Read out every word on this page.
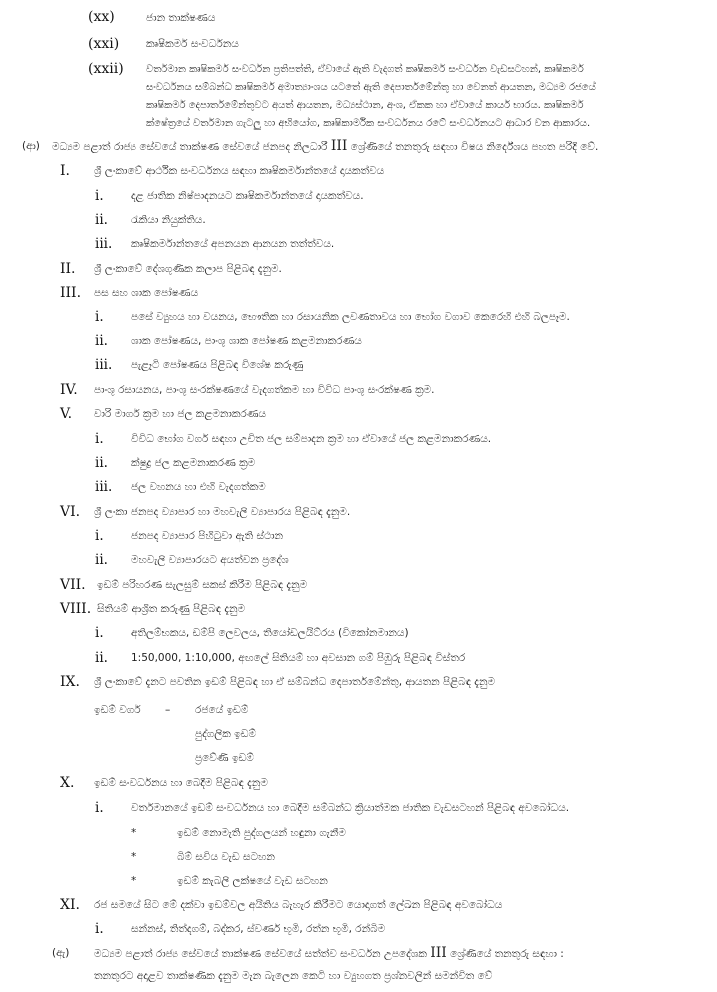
(xx)	ජාන තාක්ෂණය
(xxi)	කෘෂිකර්ම සංවර්ධනය
(xxii) වර්තමාන කෘෂිකර්ම සංවර්ධන ප්‍රතිපත්ති, ඒවායේ ඇති වැදගත් කෘෂිකර්ම සංවර්ධන වැඩසටහන්, කෘෂිකර්ම
සංවර්ධනය සම්බන්ධ කෘෂිකර්ම අමාත්‍යාංශය යටතේ ඇති දෙපාර්තමේන්තු හා වෙනත් ආයතන, මධ්‍යම රජයේ
කෘෂිකර්ම දෙපාර්තමේන්තුවට අයත් ආයතන, මධ්‍යස්ථාන, අංශ, ඒකක හා ඒවායේ කාර්ය භාරය. කෘෂිකර්ම
ක්ෂේත්‍රයේ වර්තමාන ගැටලු හා අභියෝග, කෘෂිකාර්මික සංවර්ධනය රටේ සංවර්ධනයට ආධාර වන ආකාරය.
(ආ) මධ්‍යම පළාත් රාජ්‍ය සේවයේ තාක්ෂණ සේවයේ ජනපද නිලධාරී III ශ්‍රේණියේ තනතුරු සඳහා විෂය නිර්දේශය පහත පරිදි වේ.
I. ශ්‍රී ලංකාවේ ආර්ථික සංවර්ධනය සඳහා කෘෂිකර්මාන්තයේ දායකත්වය
i.	දළ ජාතික නිෂ්පාදනයට කෘෂිකර්මාන්තයේ දායකත්වය.
ii. රැකියා නියුක්තිය.
iii. කෘෂිකර්මාන්තයේ අපනයන ආනයන තත්ත්වය.
II. ශ්‍රී ලංකාවේ දේශගුණික කලාප පිළිබඳ දැනුම.
III. පස සහ ශාක පෝෂණය
i.	පසේ ව්‍යුහය හා වයනය, භෞතික හා රසායනික ලවණතාවය හා භෝග වගාව කෙරෙහි එහි බලපෑම.
ii. ශාක පෝෂණය, පාංශු ශාක පෝෂණ කළමනාකරණය
iii. පැළෑටි පෝෂණය පිළිබඳ විශේෂ කරුණු
IV. පාංශු රසායනය, පාංශු සංරක්ෂණයේ වැදගත්කම හා විවිධ පාංශු සංරක්ෂණ ක්‍රම.
V. වාරි මාර්ග ක්‍රම හා ජල කළමනාකරණය
i.	විවිධ භෝග වර්ග සඳහා උචිත ජල සම්පාදන ක්‍රම හා ඒවායේ ජල කළමනාකරණය.
ii. ක්ෂුද්‍ර ජල කළමනාකරණ ක්‍රම
iii. ජල වහනය හා එහි වැදගත්කම
VI. ශ්‍රී ලංකා ජනපද ව්‍යාපාර හා මහවැලි ව්‍යාපාරය පිළිබඳ දැනුම.
i.	ජනපද ව්‍යාපාර පිහිටුවා ඇති ස්ථාන
ii. මහවැලි ව්‍යාපාරයට අයත්වන ප්‍රදේශ
VII. ඉඩම් පරිහරණ සැලසුම් සකස් කිරීම පිළිබඳ දැනුම
VIII. සිතියම් ආශ්‍රිත කරුණු පිළිබඳ දැනුම
i.	අතිලම්භකය, ඩම්පි ලෙවලය, තියෝඩලයිට්රය (විකෝනමානය)
ii. 1:50,000, 1:10,000, අඟලේ සිතියම් හා අවසාන ගම් පිඹුරු පිළිබඳ විස්තර
IX. ශ්‍රී ලංකාවේ දැනට පවතින ඉඩම් පිළිබඳ හා ඒ සම්බන්ධ දෙපාර්තමේන්තු, ආයතන පිළිබඳ දැනුම
ඉඩම් වර්ග – රජයේ ඉඩම්
පුද්ගලික ඉඩම්
ප්‍රවේණි ඉඩම්
X. ඉඩම් සංවර්ධනය හා බෙදීම පිළිබඳ දැනුම
i.	වර්තමානයේ ඉඩම් සංවර්ධනය හා බෙදීම සම්බන්ධ ක්‍රියාත්මක ජාතික වැඩසටහන් පිළිබඳ අවබෝධය.
*	ඉඩම් නොමැති පුද්ගලයන් හඳුනා ගැනීම
*	බිම් සවිය වැඩ සටහන
*	ඉඩම් කැබලි ලක්ෂයේ වැඩ සටහන
XI. රජ සමයේ සිට මේ දක්වා ඉඩම්වල අයිතිය බැහැර කිරීමට යොදාගත් ලේඛන පිළිබඳ අවබෝධය
i.	සන්නස්, තිත්දගම්, බද්කර, ස්වර්ණ භූමි, රත්න භූමි, රන්බිම
(ඇ) මධ්‍යම පළාත් රාජ්‍ය සේවයේ තාක්ෂණ සේවයේ සත්ත්ව සංවර්ධන උපදේශක III ශ්‍රේණියේ තනතුරු සඳහා :
තනතුරට අදාළව තාක්ෂණික දැනුම මැන බැලෙන කෙටි හා ව්‍යුහගත ප්‍රශ්නවලින් සමන්විත වේ
